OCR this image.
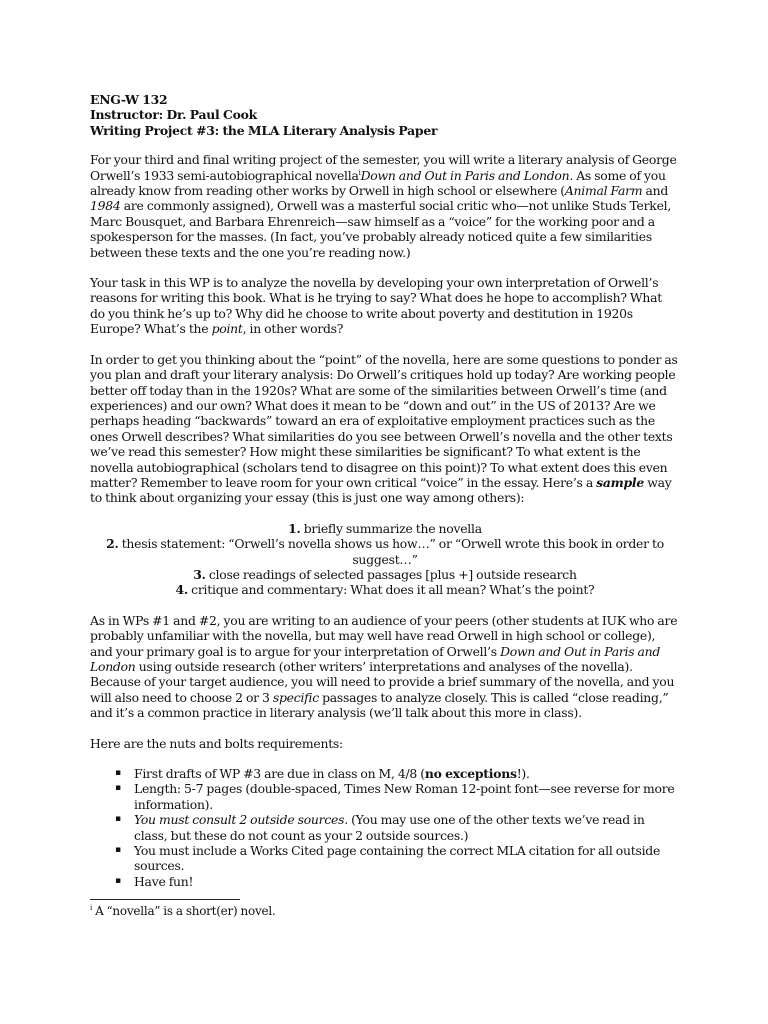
ENG-W 132
Instructor: Dr. Paul Cook
Writing Project #3: the MLA Literary Analysis Paper

For your third and final writing project of the semester, you will write a literary analysis of George Orwell’s 1933 semi-autobiographical novella$^i$Down and Out in Paris and London. As some of you already know from reading other works by Orwell in high school or elsewhere (Animal Farm and 1984 are commonly assigned), Orwell was a masterful social critic who—not unlike Studs Terkel, Marc Bousquet, and Barbara Ehrenreich—saw himself as a “voice” for the working poor and a spokesperson for the masses. (In fact, you’ve probably already noticed quite a few similarities between these texts and the one you’re reading now.)

Your task in this WP is to analyze the novella by developing your own interpretation of Orwell’s reasons for writing this book. What is he trying to say? What does he hope to accomplish? What do you think he’s up to? Why did he choose to write about poverty and destitution in 1920s Europe? What’s the point, in other words?

In order to get you thinking about the “point” of the novella, here are some questions to ponder as you plan and draft your literary analysis: Do Orwell’s critiques hold up today? Are working people better off today than in the 1920s? What are some of the similarities between Orwell’s time (and experiences) and our own? What does it mean to be “down and out” in the US of 2013? Are we perhaps heading “backwards” toward an era of exploitative employment practices such as the ones Orwell describes? What similarities do you see between Orwell’s novella and the other texts we’ve read this semester? How might these similarities be significant? To what extent is the novella autobiographical (scholars tend to disagree on this point)? To what extent does this even matter? Remember to leave room for your own critical “voice” in the essay. Here’s a sample way to think about organizing your essay (this is just one way among others):

1. briefly summarize the novella
2. thesis statement: “Orwell’s novella shows us how…” or “Orwell wrote this book in order to suggest…”
3. close readings of selected passages [plus +] outside research
4. critique and commentary: What does it all mean? What’s the point?

As in WPs #1 and #2, you are writing to an audience of your peers (other students at IUK who are probably unfamiliar with the novella, but may well have read Orwell in high school or college), and your primary goal is to argue for your interpretation of Orwell’s Down and Out in Paris and London using outside research (other writers’ interpretations and analyses of the novella). Because of your target audience, you will need to provide a brief summary of the novella, and you will also need to choose 2 or 3 specific passages to analyze closely. This is called “close reading,” and it’s a common practice in literary analysis (we’ll talk about this more in class).

Here are the nuts and bolts requirements:

▪ First drafts of WP #3 are due in class on M, 4/8 (no exceptions!).
▪ Length: 5-7 pages (double-spaced, Times New Roman 12-point font—see reverse for more information).
▪ You must consult 2 outside sources. (You may use one of the other texts we’ve read in class, but these do not count as your 2 outside sources.)
▪ You must include a Works Cited page containing the correct MLA citation for all outside sources.
▪ Have fun!
$^i$ A “novella” is a short(er) novel.
